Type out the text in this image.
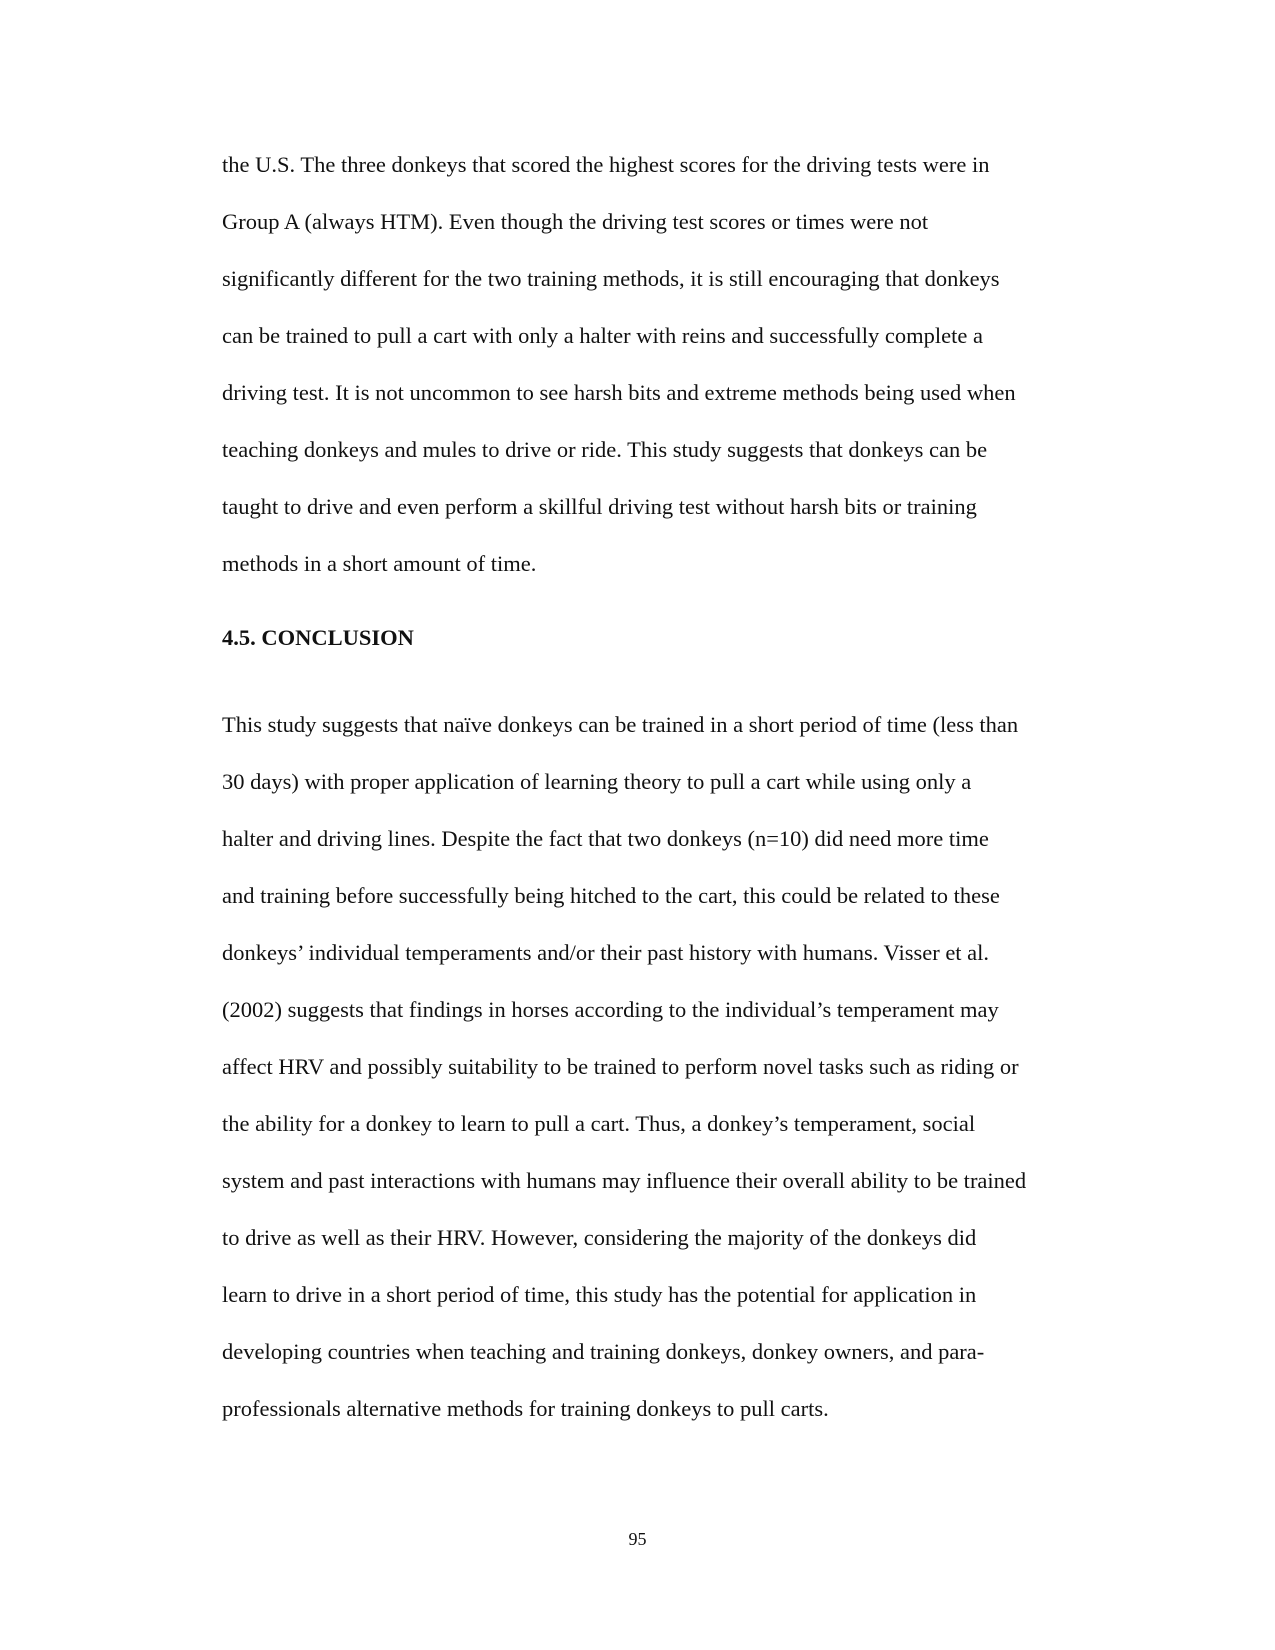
the U.S. The three donkeys that scored the highest scores for the driving tests were in
Group A (always HTM). Even though the driving test scores or times were not
significantly different for the two training methods, it is still encouraging that donkeys
can be trained to pull a cart with only a halter with reins and successfully complete a
driving test. It is not uncommon to see harsh bits and extreme methods being used when
teaching donkeys and mules to drive or ride. This study suggests that donkeys can be
taught to drive and even perform a skillful driving test without harsh bits or training
methods in a short amount of time.

4.5. CONCLUSION

This study suggests that naïve donkeys can be trained in a short period of time (less than
30 days) with proper application of learning theory to pull a cart while using only a
halter and driving lines. Despite the fact that two donkeys (n=10) did need more time
and training before successfully being hitched to the cart, this could be related to these
donkeys’ individual temperaments and/or their past history with humans. Visser et al.
(2002) suggests that findings in horses according to the individual’s temperament may
affect HRV and possibly suitability to be trained to perform novel tasks such as riding or
the ability for a donkey to learn to pull a cart. Thus, a donkey’s temperament, social
system and past interactions with humans may influence their overall ability to be trained
to drive as well as their HRV. However, considering the majority of the donkeys did
learn to drive in a short period of time, this study has the potential for application in
developing countries when teaching and training donkeys, donkey owners, and para-
professionals alternative methods for training donkeys to pull carts.

95
